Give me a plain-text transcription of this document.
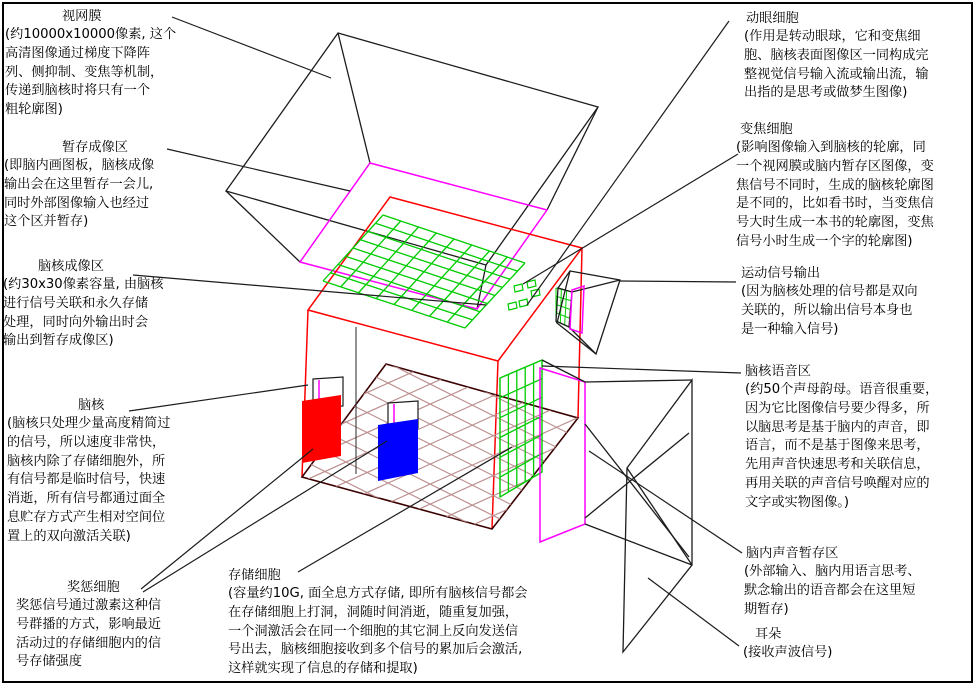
视网膜
(约10000x10000像素, 这个
高清图像通过梯度下降阵
列、侧抑制、变焦等机制，
传递到脑核时将只有一个
粗轮廓图)
暂存成像区
(即脑内画图板，脑核成像
输出会在这里暂存一会儿,
同时外部图像输入也经过
这个区并暂存)
脑核成像区
(约30x30像素容量, 由脑核
进行信号关联和永久存储
处理，同时向外输出时会
输出到暂存成像区)
脑核
(脑核只处理少量高度精简过
的信号，所以速度非常快，
脑核内除了存储细胞外，所
有信号都是临时信号，快速
消逝，所有信号都通过面全
息贮存方式产生相对空间位
置上的双向激活关联)
奖惩细胞
奖惩信号通过激素这种信
号群播的方式，影响最近
活动过的存储细胞内的信
号存储强度
存储细胞
(容量约10G, 面全息方式存储, 即所有脑核信号都会
在存储细胞上打洞，洞随时间消逝，随重复加强，
一个洞激活会在同一个细胞的其它洞上反向发送信
号出去，脑核细胞接收到多个信号的累加后会激活,
这样就实现了信息的存储和提取)
动眼细胞
(作用是转动眼球，它和变焦细
胞、脑核表面图像区一同构成完
整视觉信号输入流或输出流，输
出指的是思考或做梦生图像)
变焦细胞
(影响图像输入到脑核的轮廓，同
一个视网膜或脑内暂存区图像，变
焦信号不同时，生成的脑核轮廓图
是不同的，比如看书时，当变焦信
号大时生成一本书的轮廓图，变焦
信号小时生成一个字的轮廓图)
运动信号输出
(因为脑核处理的信号都是双向
关联的，所以输出信号本身也
是一种输入信号)
脑核语音区
(约50个声母韵母。语音很重要，
因为它比图像信号要少得多，所
以脑思考是基于脑内的声音，即
语言，而不是基于图像来思考，
先用声音快速思考和关联信息，
再用关联的声音信号唤醒对应的
文字或实物图像。)
脑内声音暂存区
(外部输入、脑内用语言思考、
默念输出的语音都会在这里短
期暂存)
耳朵
(接收声波信号)
